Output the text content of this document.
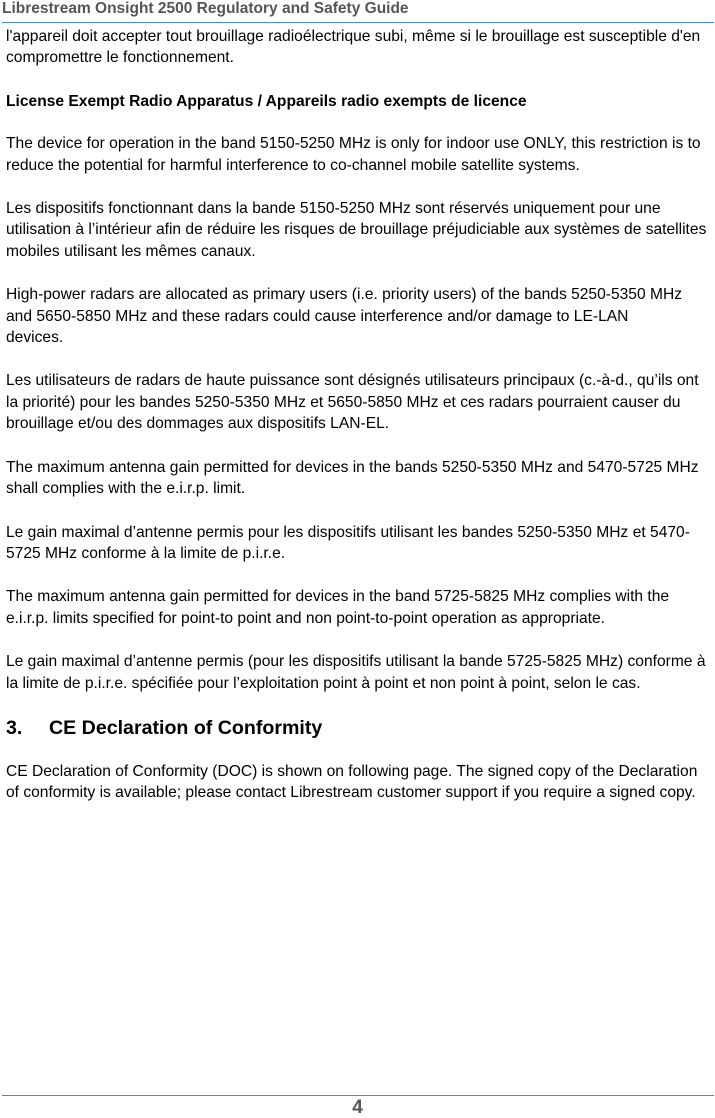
Librestream Onsight 2500 Regulatory and Safety Guide

l'appareil doit accepter tout brouillage radioélectrique subi, même si le brouillage est susceptible d'en compromettre le fonctionnement.

License Exempt Radio Apparatus / Appareils radio exempts de licence

The device for operation in the band 5150-5250 MHz is only for indoor use ONLY, this restriction is to reduce the potential for harmful interference to co-channel mobile satellite systems.

Les dispositifs fonctionnant dans la bande 5150-5250 MHz sont réservés uniquement pour une utilisation à l’intérieur afin de réduire les risques de brouillage préjudiciable aux systèmes de satellites mobiles utilisant les mêmes canaux.

High-power radars are allocated as primary users (i.e. priority users) of the bands 5250-5350 MHz and 5650-5850 MHz and these radars could cause interference and/or damage to LE-LAN devices.

Les utilisateurs de radars de haute puissance sont désignés utilisateurs principaux (c.-à-d., qu’ils ont la priorité) pour les bandes 5250-5350 MHz et 5650-5850 MHz et ces radars pourraient causer du brouillage et/ou des dommages aux dispositifs LAN-EL.

The maximum antenna gain permitted for devices in the bands 5250-5350 MHz and 5470-5725 MHz shall complies with the e.i.r.p. limit.

Le gain maximal d’antenne permis pour les dispositifs utilisant les bandes 5250-5350 MHz et 5470-5725 MHz conforme à la limite de p.i.r.e.

The maximum antenna gain permitted for devices in the band 5725-5825 MHz complies with the e.i.r.p. limits specified for point-to point and non point-to-point operation as appropriate.

Le gain maximal d’antenne permis (pour les dispositifs utilisant la bande 5725-5825 MHz) conforme à la limite de p.i.r.e. spécifiée pour l’exploitation point à point et non point à point, selon le cas.

3. CE Declaration of Conformity

CE Declaration of Conformity (DOC) is shown on following page. The signed copy of the Declaration of conformity is available; please contact Librestream customer support if you require a signed copy.

4
